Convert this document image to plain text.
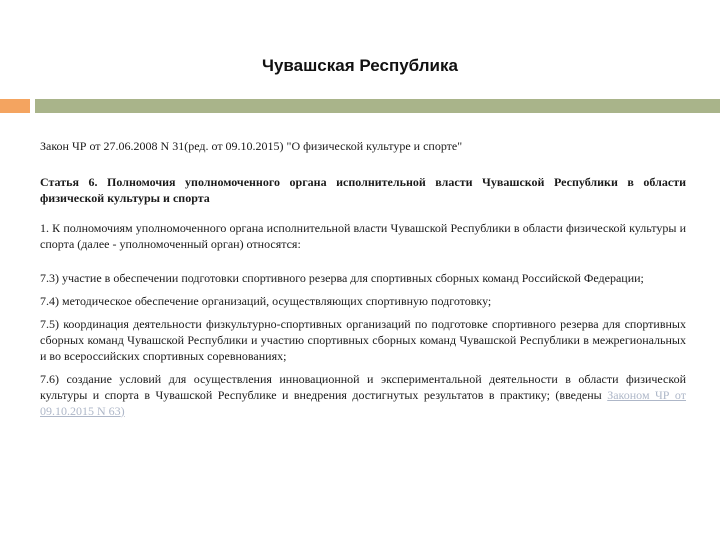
Чувашская Республика

Закон ЧР от 27.06.2008 N 31(ред. от 09.10.2015) "О физической культуре и спорте"

Статья 6. Полномочия уполномоченного органа исполнительной власти Чувашской Республики в области физической культуры и спорта

1. К полномочиям уполномоченного органа исполнительной власти Чувашской Республики в области физической культуры и спорта (далее - уполномоченный орган) относятся:

7.3) участие в обеспечении подготовки спортивного резерва для спортивных сборных команд Российской Федерации;

7.4) методическое обеспечение организаций, осуществляющих спортивную подготовку;

7.5) координация деятельности физкультурно-спортивных организаций по подготовке спортивного резерва для спортивных сборных команд Чувашской Республики и участию спортивных сборных команд Чувашской Республики в межрегиональных и во всероссийских спортивных соревнованиях;

7.6) создание условий для осуществления инновационной и экспериментальной деятельности в области физической культуры и спорта в Чувашской Республике и внедрения достигнутых результатов в практику; (введены Законом ЧР от 09.10.2015 N 63)
